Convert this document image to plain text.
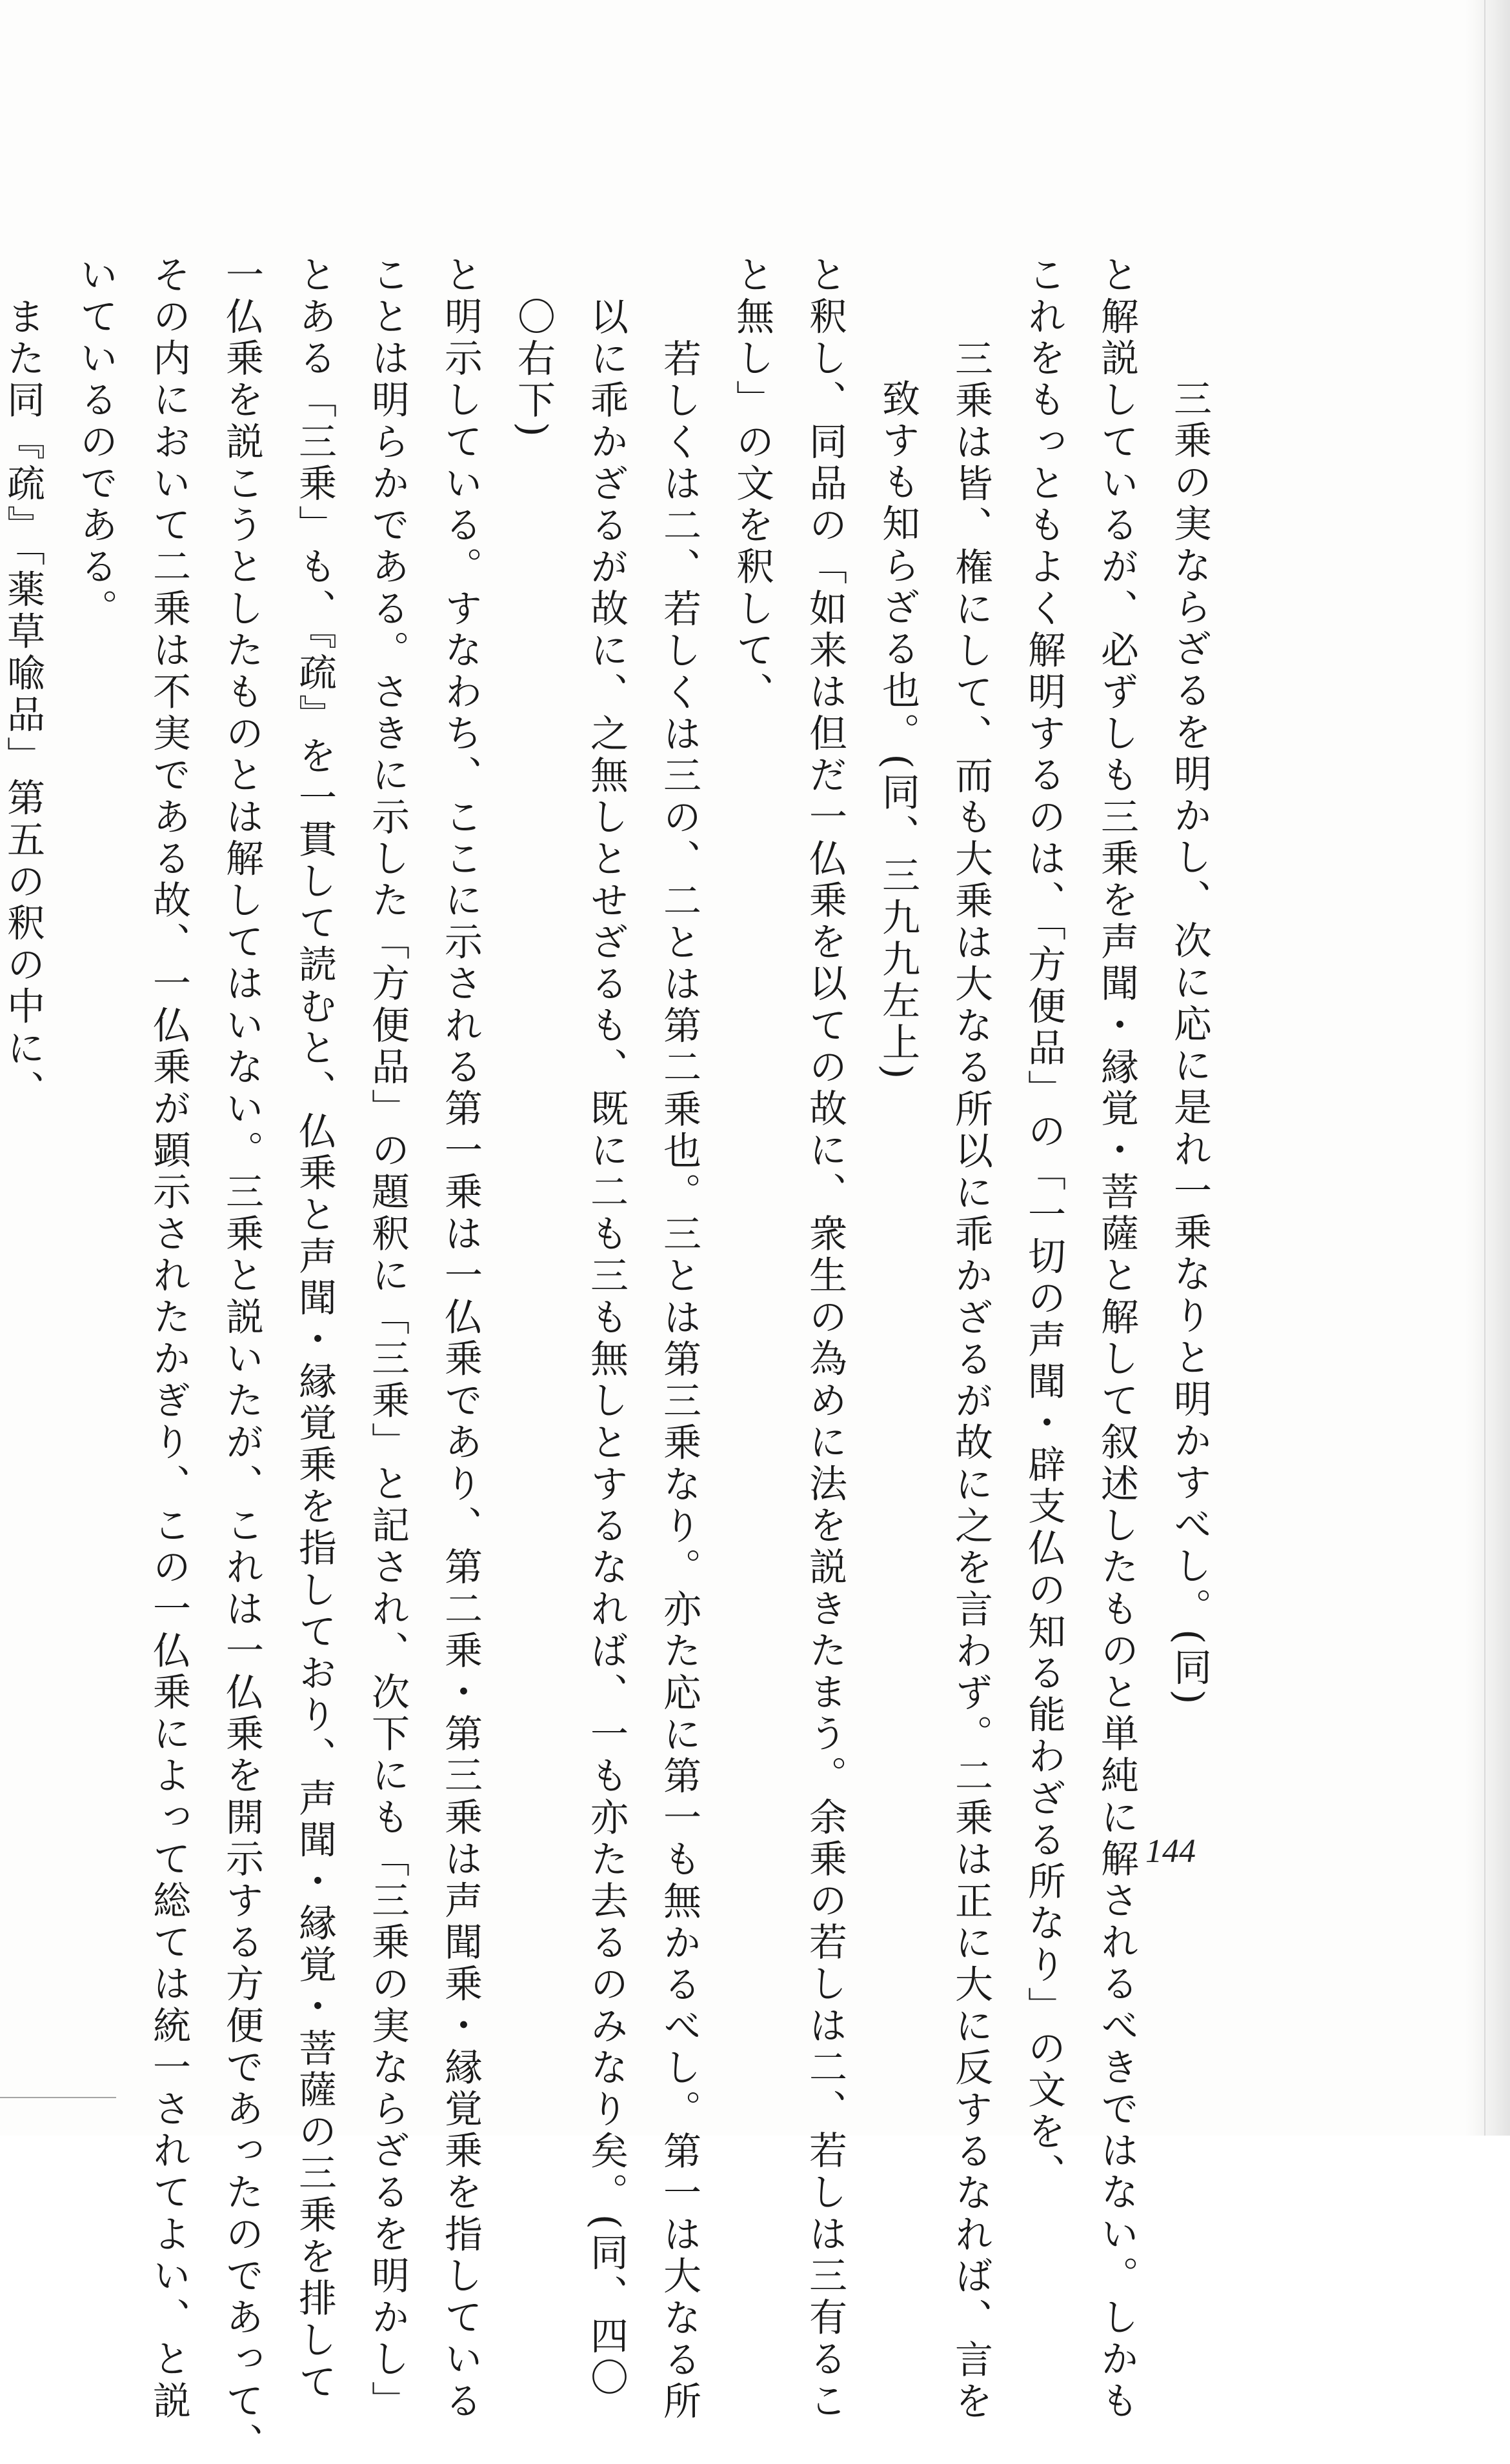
三乗の実ならざるを明かし、次に応に是れ一乗なりと明かすべし。(同)
と解説しているが、必ずしも三乗を声聞・縁覚・菩薩と解して叙述したものと単純に解されるべきではない。しかも
これをもっともよく解明するのは、「方便品」の「一切の声聞・辟支仏の知る能わざる所なり」の文を、
三乗は皆、権にして、而も大乗は大なる所以に乖かざるが故に之を言わず。二乗は正に大に反するなれば、言を
致すも知らざる也。(同、三九九左上)
と釈し、同品の「如来は但だ一仏乗を以ての故に、衆生の為めに法を説きたまう。余乗の若しは二、若しは三有るこ
と無し」の文を釈して、
若しくは二、若しくは三の、二とは第二乗也。三とは第三乗なり。亦た応に第一も無かるべし。第一は大なる所
以に乖かざるが故に、之無しとせざるも、既に二も三も無しとするなれば、一も亦た去るのみなり矣。(同、四〇
〇右下)
と明示している。すなわち、ここに示される第一乗は一仏乗であり、第二乗・第三乗は声聞乗・縁覚乗を指している
ことは明らかである。さきに示した「方便品」の題釈に「三乗」と記され、次下にも「三乗の実ならざるを明かし」
とある「三乗」も、『疏』を一貫して読むと、仏乗と声聞・縁覚乗を指しており、声聞・縁覚・菩薩の三乗を排して
一仏乗を説こうとしたものとは解してはいない。三乗と説いたが、これは一仏乗を開示する方便であったのであって、
その内において二乗は不実である故、一仏乗が顕示されたかぎり、この一仏乗によって総ては統一されてよい、と説
いているのである。
また同『疏』「薬草喩品」第五の釈の中に、
144
